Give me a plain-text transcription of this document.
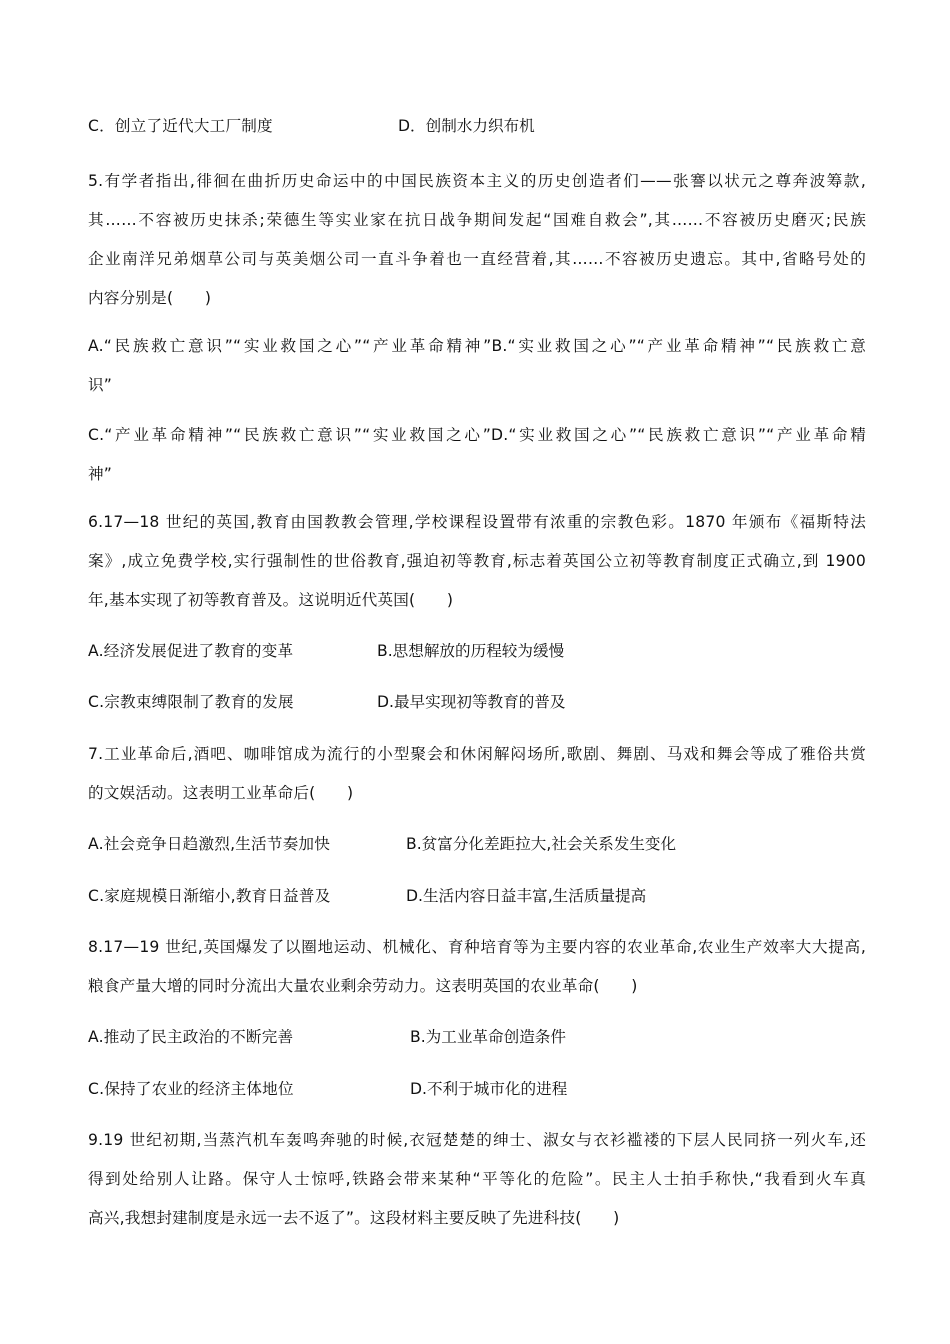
C．创立了近代大工厂制度	D．创制水力织布机
5.有学者指出,徘徊在曲折历史命运中的中国民族资本主义的历史创造者们——张謇以状元之尊奔波筹款,
其……不容被历史抹杀;荣德生等实业家在抗日战争期间发起“国难自救会”,其……不容被历史磨灭;民族
企业南洋兄弟烟草公司与英美烟公司一直斗争着也一直经营着,其……不容被历史遗忘。其中,省略号处的
内容分别是(　　)
A.“民族救亡意识”“实业救国之心”“产业革命精神”B.“实业救国之心”“产业革命精神”“民族救亡意
识”
C.“产业革命精神”“民族救亡意识”“实业救国之心”D.“实业救国之心”“民族救亡意识”“产业革命精
神”
6.17—18 世纪的英国,教育由国教教会管理,学校课程设置带有浓重的宗教色彩。1870 年颁布《福斯特法
案》,成立免费学校,实行强制性的世俗教育,强迫初等教育,标志着英国公立初等教育制度正式确立,到 1900
年,基本实现了初等教育普及。这说明近代英国(　　)
A.经济发展促进了教育的变革	B.思想解放的历程较为缓慢
C.宗教束缚限制了教育的发展	D.最早实现初等教育的普及
7.工业革命后,酒吧、咖啡馆成为流行的小型聚会和休闲解闷场所,歌剧、舞剧、马戏和舞会等成了雅俗共赏
的文娱活动。这表明工业革命后(　　)
A.社会竞争日趋激烈,生活节奏加快	B.贫富分化差距拉大,社会关系发生变化
C.家庭规模日渐缩小,教育日益普及	D.生活内容日益丰富,生活质量提高
8.17—19 世纪,英国爆发了以圈地运动、机械化、育种培育等为主要内容的农业革命,农业生产效率大大提高,
粮食产量大增的同时分流出大量农业剩余劳动力。这表明英国的农业革命(　　)
A.推动了民主政治的不断完善	B.为工业革命创造条件
C.保持了农业的经济主体地位	D.不利于城市化的进程
9.19 世纪初期,当蒸汽机车轰鸣奔驰的时候,衣冠楚楚的绅士、淑女与衣衫褴褛的下层人民同挤一列火车,还
得到处给别人让路。保守人士惊呼,铁路会带来某种“平等化的危险”。民主人士拍手称快,“我看到火车真
高兴,我想封建制度是永远一去不返了”。这段材料主要反映了先进科技(　　)
